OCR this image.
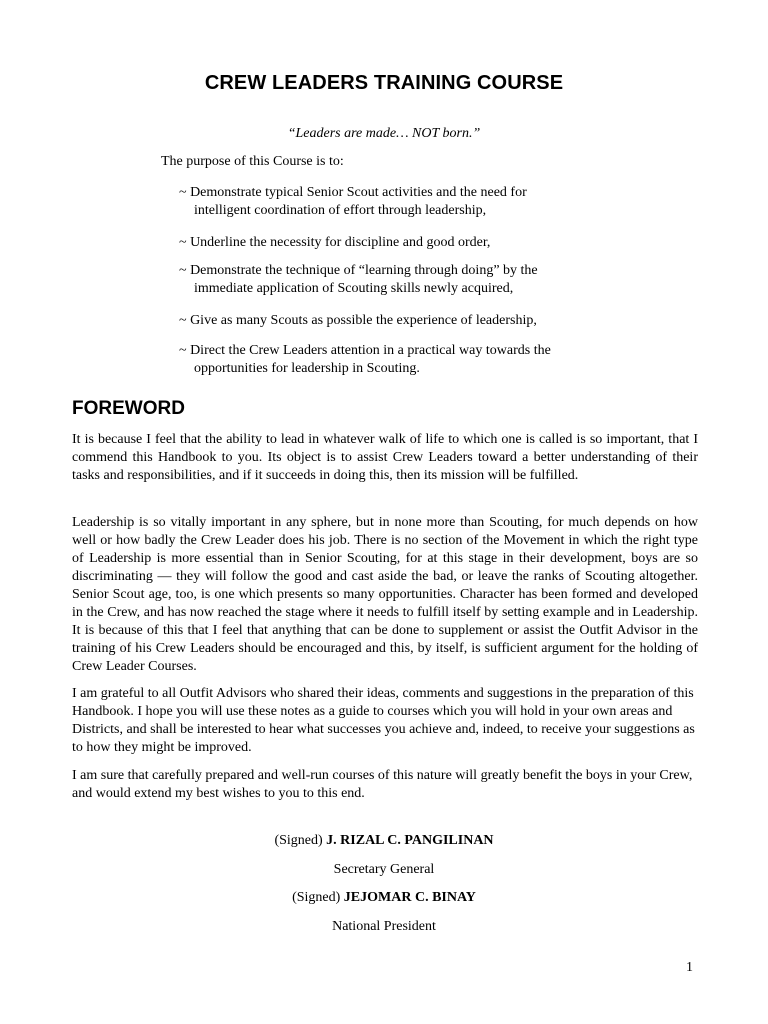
CREW LEADERS TRAINING COURSE
“Leaders are made… NOT born.”
The purpose of this Course is to:
~ Demonstrate typical Senior Scout activities and the need for
intelligent coordination of effort through leadership,
~ Underline the necessity for discipline and good order,
~ Demonstrate the technique of “learning through doing” by the
immediate application of Scouting skills newly acquired,
~ Give as many Scouts as possible the experience of leadership,
~ Direct the Crew Leaders attention in a practical way towards the
opportunities for leadership in Scouting.
FOREWORD

It is because I feel that the ability to lead in whatever walk of life to which one is called is so important, that I commend this Handbook to you. Its object is to assist Crew Leaders toward a better understanding of their tasks and responsibilities, and if it succeeds in doing this, then its mission will be fulfilled.

Leadership is so vitally important in any sphere, but in none more than Scouting, for much depends on how well or how badly the Crew Leader does his job. There is no section of the Movement in which the right type of Leadership is more essential than in Senior Scouting, for at this stage in their development, boys are so discriminating — they will follow the good and cast aside the bad, or leave the ranks of Scouting altogether. Senior Scout age, too, is one which presents so many opportunities. Character has been formed and developed in the Crew, and has now reached the stage where it needs to fulfill itself by setting example and in Leadership. It is because of this that I feel that anything that can be done to supplement or assist the Outfit Advisor in the training of his Crew Leaders should be encouraged and this, by itself, is sufficient argument for the holding of Crew Leader Courses.

I am grateful to all Outfit Advisors who shared their ideas, comments and suggestions in the preparation of this Handbook. I hope you will use these notes as a guide to courses which you will hold in your own areas and Districts, and shall be interested to hear what successes you achieve and, indeed, to receive your suggestions as to how they might be improved.

I am sure that carefully prepared and well-run courses of this nature will greatly benefit the boys in your Crew, and would extend my best wishes to you to this end.

(Signed) J. RIZAL C. PANGILINAN
Secretary General
(Signed) JEJOMAR C. BINAY
National President
1
